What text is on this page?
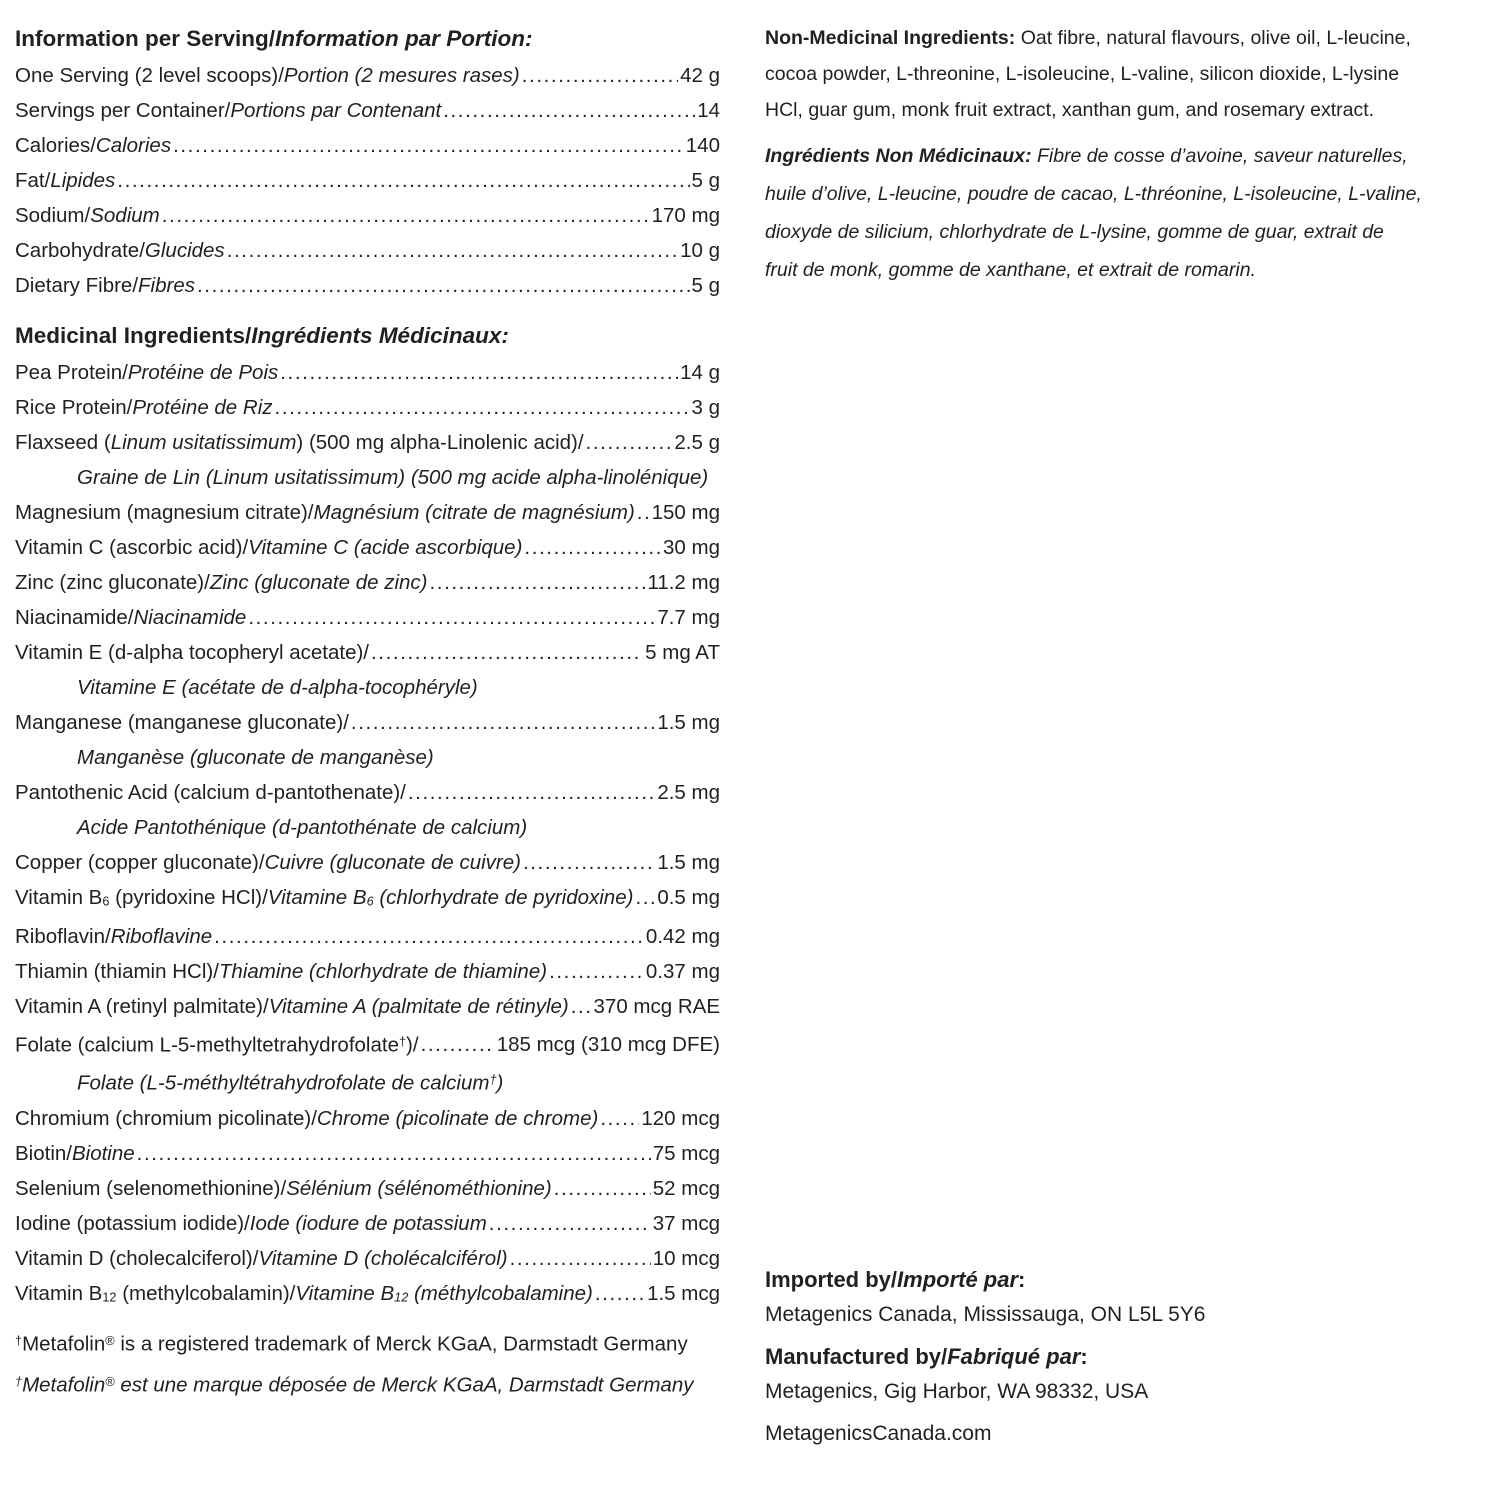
Information per Serving/Information par Portion:
One Serving (2 level scoops)/Portion (2 mesures rases) .....	42 g
Servings per Container/Portions par Contenant .....	14
Calories/Calories .....	140
Fat/Lipides .....	5 g
Sodium/Sodium .....	170 mg
Carbohydrate/Glucides .....	10 g
Dietary Fibre/Fibres .....	5 g
Medicinal Ingredients/Ingrédients Médicinaux:
Pea Protein/Protéine de Pois .....	14 g
Rice Protein/Protéine de Riz .....	3 g
Flaxseed (Linum usitatissimum) (500 mg alpha-Linolenic acid)/ .....	2.5 g
Graine de Lin (Linum usitatissimum) (500 mg acide alpha-linolénique)
Magnesium (magnesium citrate)/Magnésium (citrate de magnésium) ..... 150 mg
Vitamin C (ascorbic acid)/Vitamine C (acide ascorbique) .....	30 mg
Zinc (zinc gluconate)/Zinc (gluconate de zinc) .....	11.2 mg
Niacinamide/Niacinamide .....	7.7 mg
Vitamin E (d-alpha tocopheryl acetate)/ .....	5 mg AT
Vitamine E (acétate de d-alpha-tocophéryle)
Manganese (manganese gluconate)/ .....	1.5 mg
Manganèse (gluconate de manganèse)
Pantothenic Acid (calcium d-pantothenate)/ .....	2.5 mg
Acide Pantothénique (d-pantothénate de calcium)
Copper (copper gluconate)/Cuivre (gluconate de cuivre) .....	1.5 mg
Vitamin B6 (pyridoxine HCl)/Vitamine B6 (chlorhydrate de pyridoxine) ..... 0.5 mg
Riboflavin/Riboflavine .....	0.42 mg
Thiamin (thiamin HCl)/Thiamine (chlorhydrate de thiamine) .....	0.37 mg
Vitamin A (retinyl palmitate)/Vitamine A (palmitate de rétinyle) ..... 370 mcg RAE
Folate (calcium L-5-methyltetrahydrofolate†)/ .....	185 mcg (310 mcg DFE)
Folate (L-5-méthyltétrahydrofolate de calcium†)
Chromium (chromium picolinate)/Chrome (picolinate de chrome) ..... 120 mcg
Biotin/Biotine .....	75 mcg
Selenium (selenomethionine)/Sélénium (sélénométhionine) .....	52 mcg
Iodine (potassium iodide)/Iode (iodure de potassium .....	37 mcg
Vitamin D (cholecalciferol)/Vitamine D (cholécalciférol) .....	10 mcg
Vitamin B12 (methylcobalamin)/Vitamine B12 (méthylcobalamine) .....	1.5 mcg
†Metafolin® is a registered trademark of Merck KGaA, Darmstadt Germany
†Metafolin® est une marque déposée de Merck KGaA, Darmstadt Germany
Non-Medicinal Ingredients: Oat fibre, natural flavours, olive oil, L-leucine,
cocoa powder, L-threonine, L-isoleucine, L-valine, silicon dioxide, L-lysine
HCl, guar gum, monk fruit extract, xanthan gum, and rosemary extract.
Ingrédients Non Médicinaux: Fibre de cosse d’avoine, saveur naturelles,
huile d’olive, L-leucine, poudre de cacao, L-thréonine, L-isoleucine, L-valine,
dioxyde de silicium, chlorhydrate de L-lysine, gomme de guar, extrait de
fruit de monk, gomme de xanthane, et extrait de romarin.
Imported by/Importé par:
Metagenics Canada, Mississauga, ON L5L 5Y6
Manufactured by/Fabriqué par:
Metagenics, Gig Harbor, WA 98332, USA
MetagenicsCanada.com
